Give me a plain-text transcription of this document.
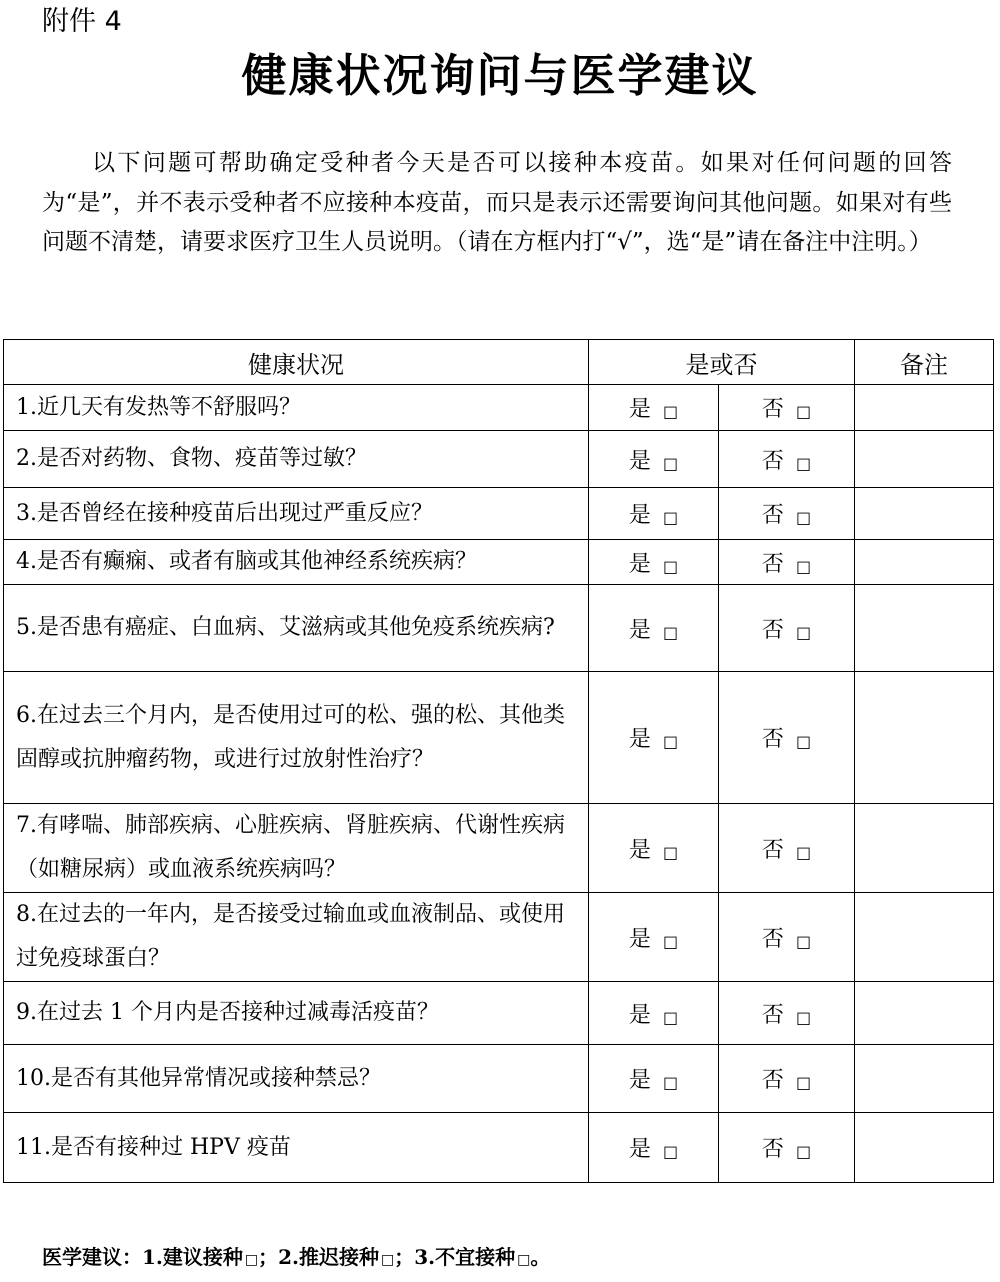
附件 4
健康状况询问与医学建议
以下问题可帮助确定受种者今天是否可以接种本疫苗。如果对任何问题的回答为“是”，并不表示受种者不应接种本疫苗，而只是表示还需要询问其他问题。如果对有些问题不清楚，请要求医疗卫生人员说明。（请在方框内打“√”，选“是”请在备注中注明。）
健康状况	是或否		备注
1.近几天有发热等不舒服吗？	是 □	否 □	
2.是否对药物、食物、疫苗等过敏？	是 □	否 □	
3.是否曾经在接种疫苗后出现过严重反应？	是 □	否 □	
4.是否有癫痫、或者有脑或其他神经系统疾病？	是 □	否 □	
5.是否患有癌症、白血病、艾滋病或其他免疫系统疾病?	是 □	否 □	
6.在过去三个月内，是否使用过可的松、强的松、其他类固醇或抗肿瘤药物，或进行过放射性治疗？	是 □	否 □	
7.有哮喘、肺部疾病、心脏疾病、肾脏疾病、代谢性疾病（如糖尿病）或血液系统疾病吗？	是 □	否 □	
8.在过去的一年内，是否接受过输血或血液制品、或使用过免疫球蛋白？	是 □	否 □	
9.在过去 1 个月内是否接种过减毒活疫苗？	是 □	否 □	
10.是否有其他异常情况或接种禁忌？	是 □	否 □	
11.是否有接种过 HPV 疫苗	是 □	否 □	
医学建议：1.建议接种 □；2.推迟接种 □；3.不宜接种 □。
